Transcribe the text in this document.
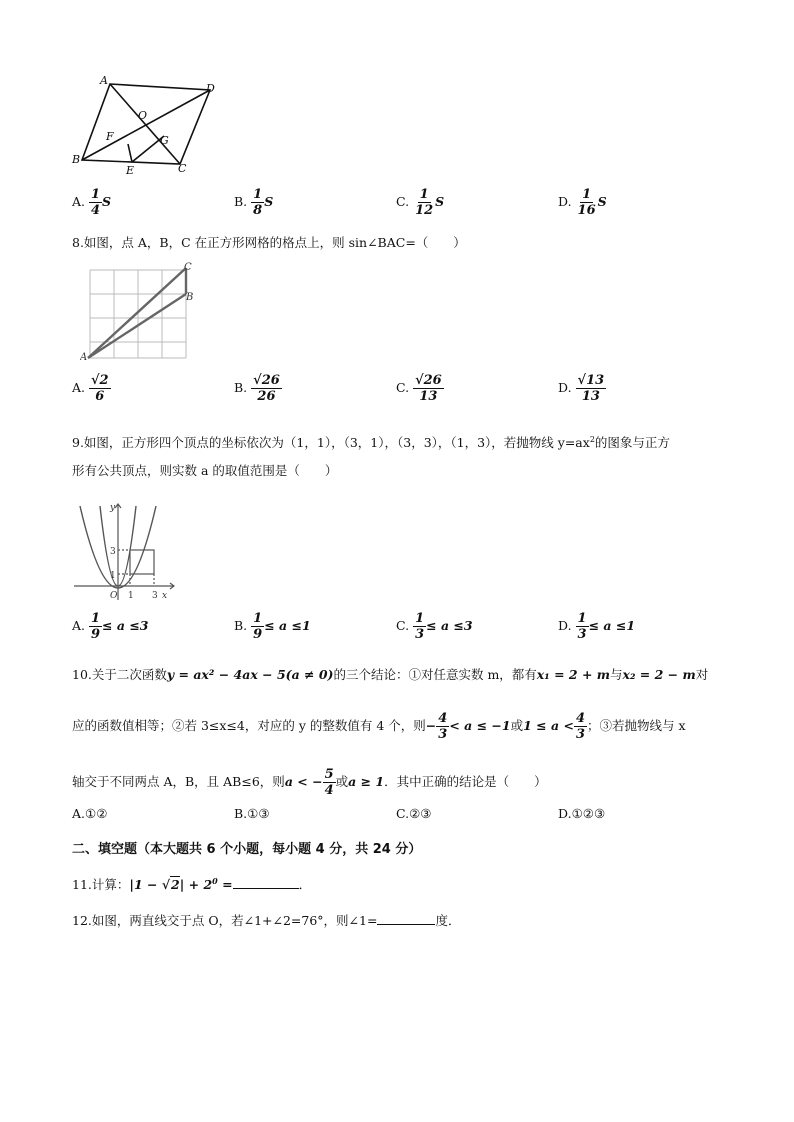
A
D
O
F	G
B
E	C
A. $\frac{1}{4}$ S	B. $\frac{1}{8}$ S	C. $\frac{1}{12}$ S	D. $\frac{1}{16}$ S
8.如图，点 A，B，C 在正方形网格的格点上，则 sin∠BAC=（　　）
C
B
A
A. $\frac{√2}{6}$	B. $\frac{√26}{26}$	C. $\frac{√26}{13}$	D. $\frac{√13}{13}$
9.如图，正方形四个顶点的坐标依次为（1，1），（3，1），（3，3），（1，3），若抛物线 $y=ax^2$的图象与正方
形有公共顶点，则实数 a 的取值范围是（　　）
y
3
1
O 1 3 x
A. $\frac{1}{9} \le a \le 3$	B. $\frac{1}{9} \le a \le 1$	C. $\frac{1}{3} \le a \le 3$	D. $\frac{1}{3} \le a \le 1$
10.关于二次函数y = ax² − 4ax − 5(a ≠ 0)的三个结论：①对任意实数 m，都有x₁ = 2 + m与x₂ = 2 − m对
应的函数值相等；②若 3≤x≤4，对应的 y 的整数值有 4 个，则− $\frac{4}{3} < a \le -1$或$1 \le a < \frac{4}{3}$ ；③若抛物线与 x
轴交于不同两点 A，B，且 AB≤6，则a < − $\frac{5}{4}$ 或a ≥ 1．其中正确的结论是（　　）
A.①②	B.①③	C.②③	D.①②③
二、填空题（本大题共 6 个小题，每小题 4 分，共 24 分）
11.计算：$|1 - √2| + 2^0$ =	．
12.如图，两直线交于点 O，若∠1+∠2=76°，则∠1=	度．
